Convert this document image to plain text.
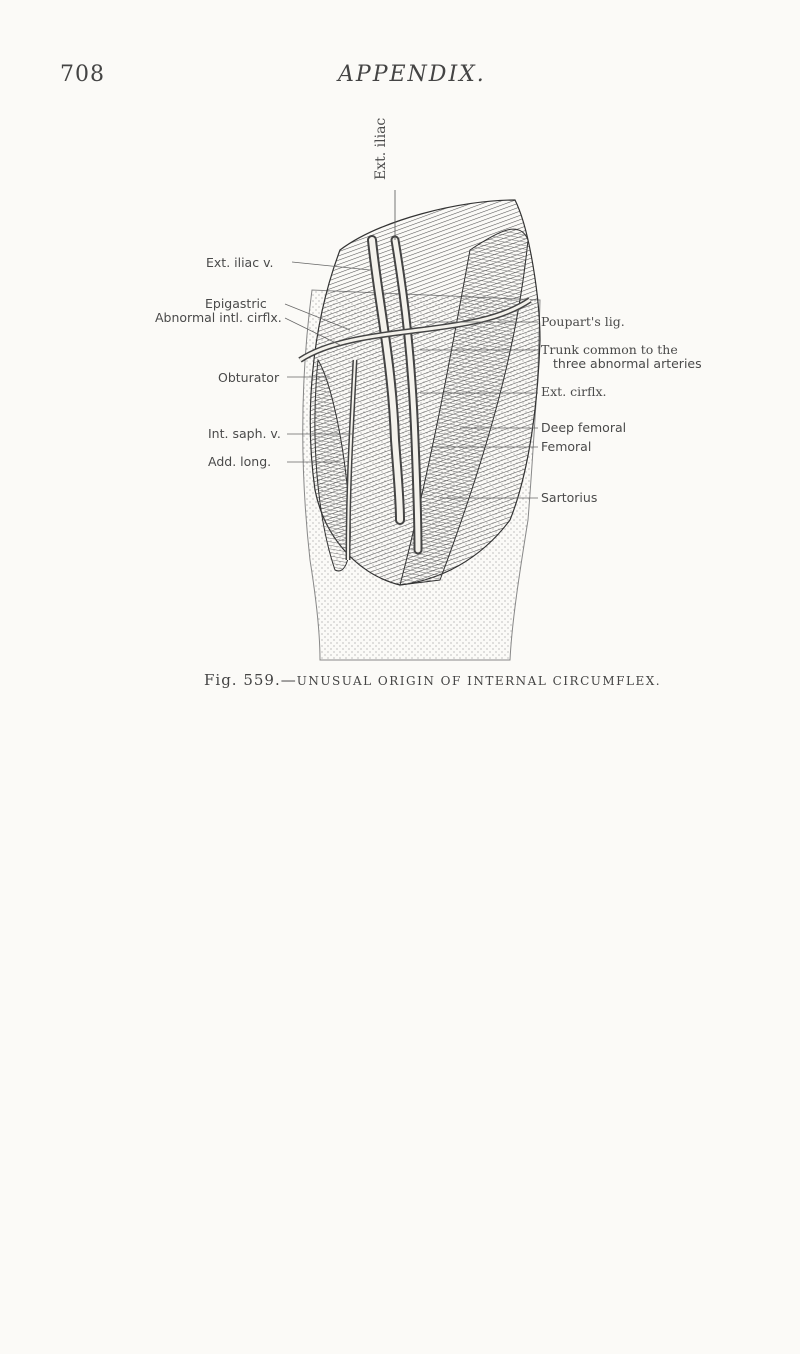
708	APPENDIX.
Ext. iliac
Ext. iliac v.
Epigastric
Abnormal intl. cirflx.
Obturator
Int. saph. v.
Add. long.
Poupart's lig.
Trunk common to the
three abnormal arteries
Ext. cirflx.
Deep femoral
Femoral
Sartorius
Fig. 559.—UNUSUAL ORIGIN OF INTERNAL CIRCUMFLEX.
